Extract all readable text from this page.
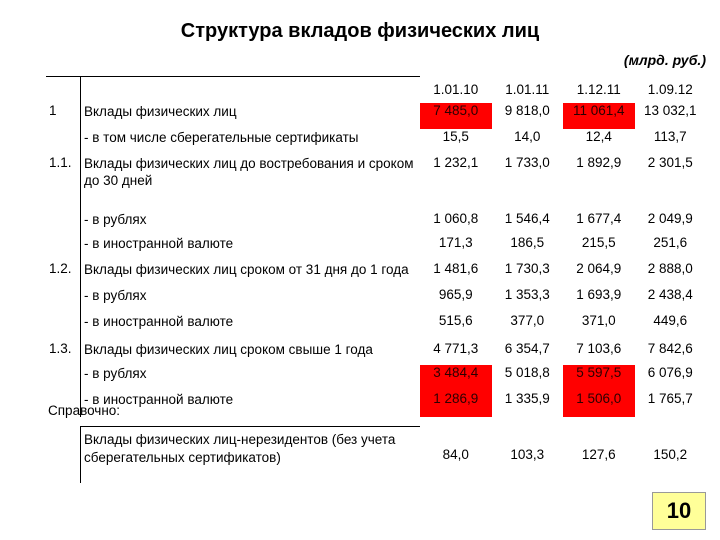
Структура вкладов физических лиц
(млрд. руб.)
		1.01.10	1.01.11	1.12.11	1.09.12
1	Вклады физических лиц	7 485,0	9 818,0	11 061,4	13 032,1
	- в том числе сберегательные сертификаты	15,5	14,0	12,4	113,7
1.1.	Вклады физических лиц до востребования и сроком до 30 дней	1 232,1	1 733,0	1 892,9	2 301,5
	- в рублях	1 060,8	1 546,4	1 677,4	2 049,9
	- в иностранной валюте	171,3	186,5	215,5	251,6
1.2.	Вклады физических лиц сроком от 31 дня до 1 года	1 481,6	1 730,3	2 064,9	2 888,0
	- в рублях	965,9	1 353,3	1 693,9	2 438,4
	- в иностранной валюте	515,6	377,0	371,0	449,6
1.3.	Вклады физических лиц сроком свыше 1 года	4 771,3	6 354,7	7 103,6	7 842,6
	- в рублях	3 484,4	5 018,8	5 597,5	6 076,9
	- в иностранной валюте	1 286,9	1 335,9	1 506,0	1 765,7
Справочно:
	Вклады физических лиц-нерезидентов (без учета сберегательных сертификатов)	84,0	103,3	127,6	150,2
10
